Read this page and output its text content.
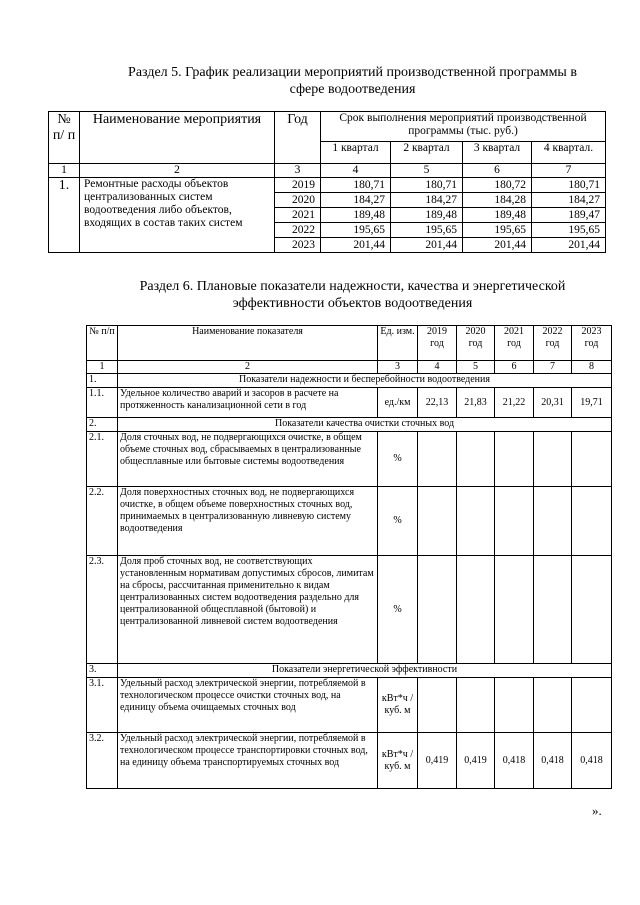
Раздел 5. График реализации мероприятий производственной программы в
сфере водоотведения
№ п/ п	Наименование мероприятия	Год	Срок выполнения мероприятий производственной программы (тыс. руб.)			
			1 квартал	2 квартал	3 квартал	4 квартал.
1	2	3	4	5	6	7
1.	Ремонтные расходы объектов централизованных систем водоотведения либо объектов, входящих в состав таких систем	2019	180,71	180,71	180,72	180,71
		2020	184,27	184,27	184,28	184,27
		2021	189,48	189,48	189,48	189,47
		2022	195,65	195,65	195,65	195,65
		2023	201,44	201,44	201,44	201,44
Раздел 6. Плановые показатели надежности, качества и энергетической
эффективности объектов водоотведения
№ п/п	Наименование показателя	Ед. изм.	2019 год	2020 год	2021 год	2022 год	2023 год
1	2	3	4	5	6	7	8
1.	Показатели надежности и бесперебойности водоотведения						
1.1.	Удельное количество аварий и засоров в расчете на протяженность канализационной сети в год	ед./км	22,13	21,83	21,22	20,31	19,71
2.	Показатели качества очистки сточных вод						
2.1.	Доля сточных вод, не подвергающихся очистке, в общем объеме сточных вод, сбрасываемых в централизованные общесплавные или бытовые системы водоотведения	%					
2.2.	Доля поверхностных сточных вод, не подвергающихся очистке, в общем объеме поверхностных сточных вод, принимаемых в централизованную ливневую систему водоотведения	%					
2.3.	Доля проб сточных вод, не соответствующих установленным нормативам допустимых сбросов, лимитам на сбросы, рассчитанная применительно к видам централизованных систем водоотведения раздельно для централизованной общесплавной (бытовой) и централизованной ливневой систем водоотведения	%					
3.	Показатели энергетической эффективности						
3.1.	Удельный расход электрической энергии, потребляемой в технологическом процессе очистки сточных вод, на единицу объема очищаемых сточных вод	кВт*ч /куб. м					
3.2.	Удельный расход электрической энергии, потребляемой в технологическом процессе транспортировки сточных вод, на единицу объема транспортируемых сточных вод	кВт*ч /куб. м	0,419	0,419	0,418	0,418	0,418
».
